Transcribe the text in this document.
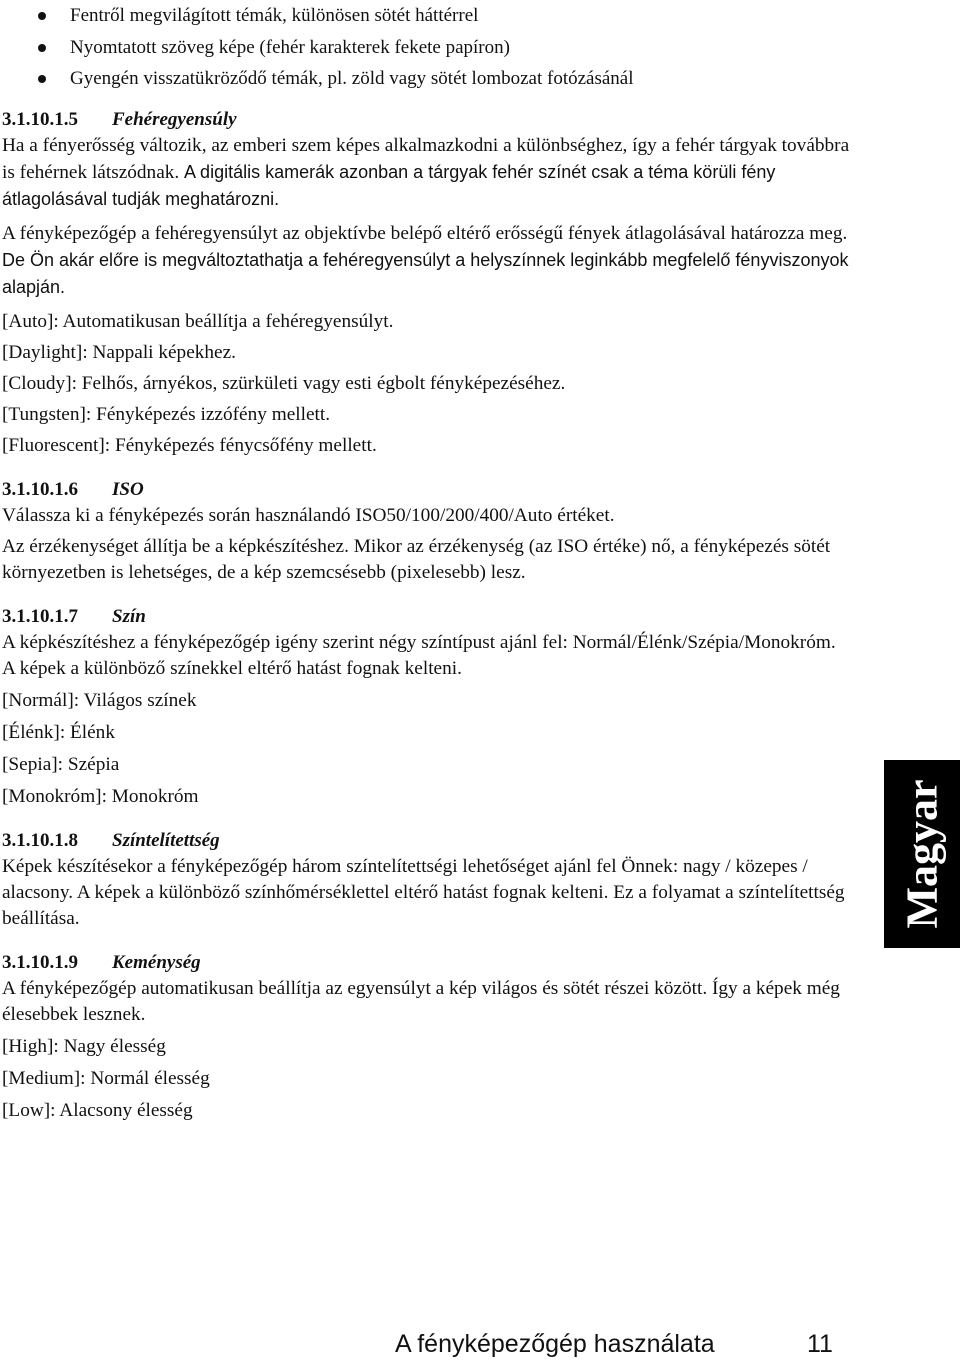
Fentről megvilágított témák, különösen sötét háttérrel
Nyomtatott szöveg képe (fehér karakterek fekete papíron)
Gyengén visszatükröződő témák, pl. zöld vagy sötét lombozat fotózásánál
3.1.10.1.5 Fehéregyensúly

Ha a fényerősség változik, az emberi szem képes alkalmazkodni a különbséghez, így a fehér tárgyak továbbra is fehérnek látszódnak. A digitális kamerák azonban a tárgyak fehér színét csak a téma körüli fény átlagolásával tudják meghatározni.

A fényképezőgép a fehéregyensúlyt az objektívbe belépő eltérő erősségű fények átlagolásával határozza meg. De Ön akár előre is megváltoztathatja a fehéregyensúlyt a helyszínnek leginkább megfelelő fényviszonyok alapján.

[Auto]: Automatikusan beállítja a fehéregyensúlyt.

[Daylight]: Nappali képekhez.

[Cloudy]: Felhős, árnyékos, szürkületi vagy esti égbolt fényképezéséhez.

[Tungsten]: Fényképezés izzófény mellett.

[Fluorescent]: Fényképezés fénycsőfény mellett.

3.1.10.1.6 ISO

Válassza ki a fényképezés során használandó ISO50/100/200/400/Auto értéket.

Az érzékenységet állítja be a képkészítéshez. Mikor az érzékenység (az ISO értéke) nő, a fényképezés sötét környezetben is lehetséges, de a kép szemcsésebb (pixelesebb) lesz.

3.1.10.1.7 Szín

A képkészítéshez a fényképezőgép igény szerint négy színtípust ajánl fel: Normál/Élénk/Szépia/Monokróm. A képek a különböző színekkel eltérő hatást fognak kelteni.

[Normál]: Világos színek

[Élénk]: Élénk

[Sepia]: Szépia

[Monokróm]: Monokróm

3.1.10.1.8 Színtelítettség

Képek készítésekor a fényképezőgép három színtelítettségi lehetőséget ajánl fel Önnek: nagy / közepes / alacsony. A képek a különböző színhőmérséklettel eltérő hatást fognak kelteni. Ez a folyamat a színtelítettség beállítása.

3.1.10.1.9 Keménység

A fényképezőgép automatikusan beállítja az egyensúlyt a kép világos és sötét részei között. Így a képek még élesebbek lesznek.

[High]: Nagy élesség

[Medium]: Normál élesség

[Low]: Alacsony élesség

Magyar
A fényképezőgép használata	11
